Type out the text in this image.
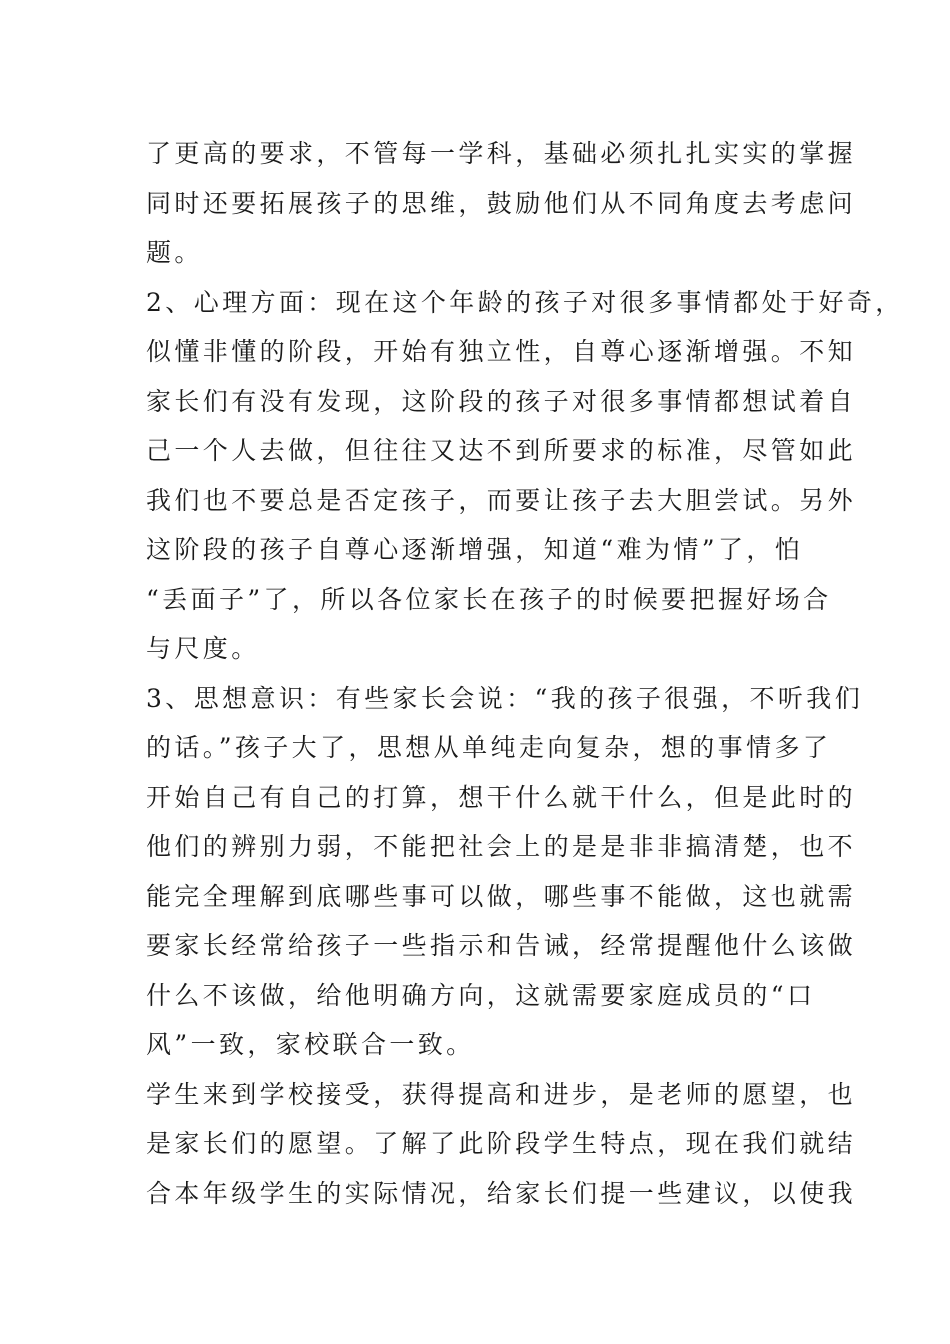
了更高的要求，不管每一学科，基础必须扎扎实实的掌握
同时还要拓展孩子的思维，鼓励他们从不同角度去考虑问
题。
2、心理方面：现在这个年龄的孩子对很多事情都处于好奇，
似懂非懂的阶段，开始有独立性，自尊心逐渐增强。不知
家长们有没有发现，这阶段的孩子对很多事情都想试着自
己一个人去做，但往往又达不到所要求的标准，尽管如此
我们也不要总是否定孩子，而要让孩子去大胆尝试。另外
这阶段的孩子自尊心逐渐增强，知道“难为情”了，怕
“丢面子”了，所以各位家长在孩子的时候要把握好场合
与尺度。
3、思想意识：有些家长会说：“我的孩子很强，不听我们
的话。”孩子大了，思想从单纯走向复杂，想的事情多了
开始自己有自己的打算，想干什么就干什么，但是此时的
他们的辨别力弱，不能把社会上的是是非非搞清楚，也不
能完全理解到底哪些事可以做，哪些事不能做，这也就需
要家长经常给孩子一些指示和告诫，经常提醒他什么该做
什么不该做，给他明确方向，这就需要家庭成员的“口
风”一致，家校联合一致。
学生来到学校接受，获得提高和进步，是老师的愿望，也
是家长们的愿望。了解了此阶段学生特点，现在我们就结
合本年级学生的实际情况，给家长们提一些建议，以使我
